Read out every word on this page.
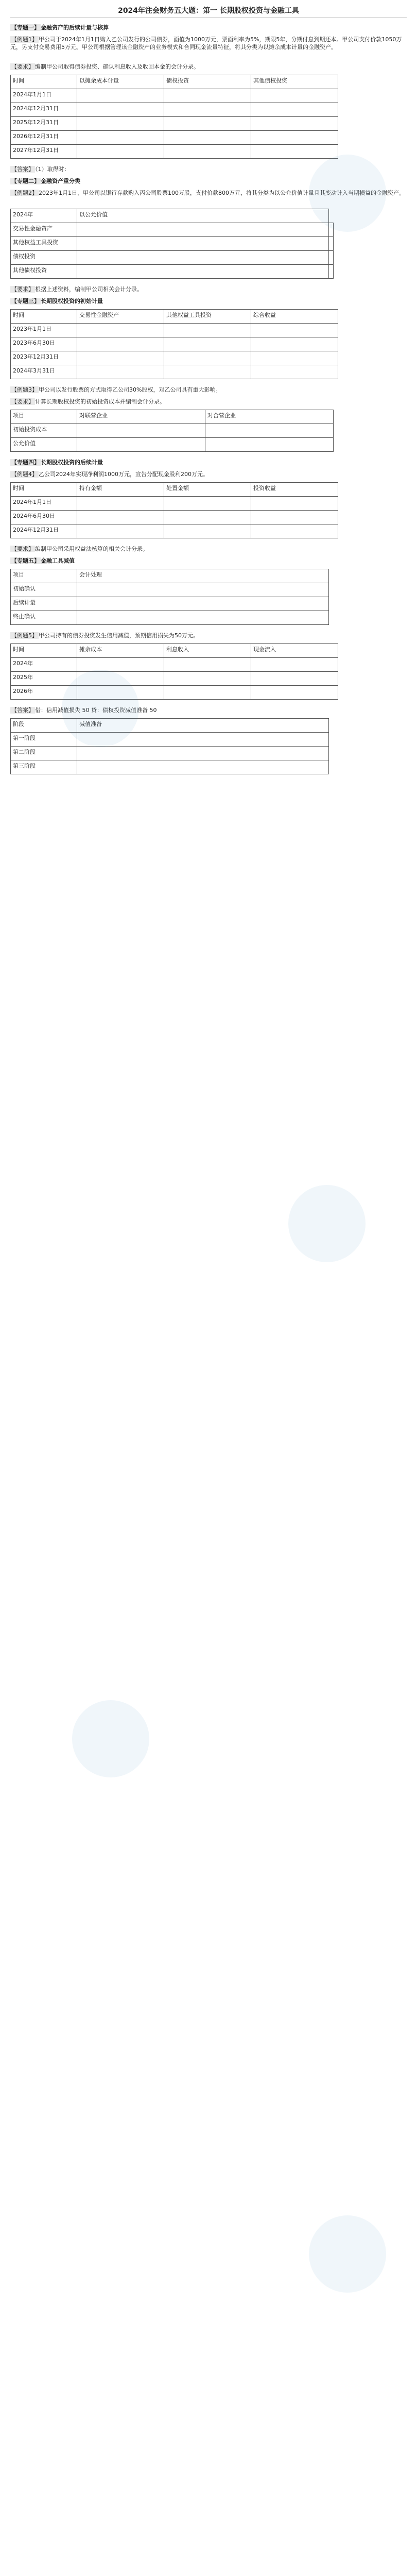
2024年注会财务五大题：第一 长期股权投资与金融工具
【专题一】 金融资产的后续计量与核算
【例题1】 甲公司于2024年1月1日购入乙公司发行的公司债券，面值为1000万元，票面利率为5%，期限5年，分期付息到期还本。甲公司支付价款1050万元，另支付交易费用5万元。甲公司根据管理该金融资产的业务模式和合同现金流量特征，将其分类为以摊余成本计量的金融资产。
【要求】 编制甲公司取得债券投资、确认利息收入及收回本金的会计分录。
时间	以摊余成本计量	债权投资	其他债权投资
2024年1月1日			
2024年12月31日			
2025年12月31日			
2026年12月31日			
2027年12月31日			
【答案】 （1）取得时：
【专题二】 金融资产重分类
【例题2】 2023年1月1日，甲公司以银行存款购入丙公司股票100万股，支付价款800万元，将其分类为以公允价值计量且其变动计入当期损益的金融资产。
2024年	以公允价值	
交易性金融资产		
其他权益工具投资		
债权投资		
其他债权投资		
【要求】 根据上述资料，编制甲公司相关会计分录。
【专题三】 长期股权投资的初始计量
时间	交易性金融资产	其他权益工具投资	综合收益
2023年1月1日			
2023年6月30日			
2023年12月31日			
2024年3月31日			
【例题3】 甲公司以发行股票的方式取得乙公司30%股权，对乙公司具有重大影响。
【要求】 计算长期股权投资的初始投资成本并编制会计分录。
项目	对联营企业	对合营企业
初始投资成本		
公允价值		
【专题四】 长期股权投资的后续计量
【例题4】 乙公司2024年实现净利润1000万元，宣告分配现金股利200万元。
时间	持有金额	处置金额	投资收益
2024年1月1日			
2024年6月30日			
2024年12月31日			
【要求】 编制甲公司采用权益法核算的相关会计分录。
【专题五】 金融工具减值
项目	会计处理
初始确认	
后续计量	
终止确认	
【例题5】 甲公司持有的债券投资发生信用减值，预期信用损失为50万元。
时间	摊余成本	利息收入	现金流入
2024年			
2025年			
2026年			
【答案】 借：信用减值损失 50 贷：债权投资减值准备 50
阶段	减值准备
第一阶段	
第二阶段	
第三阶段	
